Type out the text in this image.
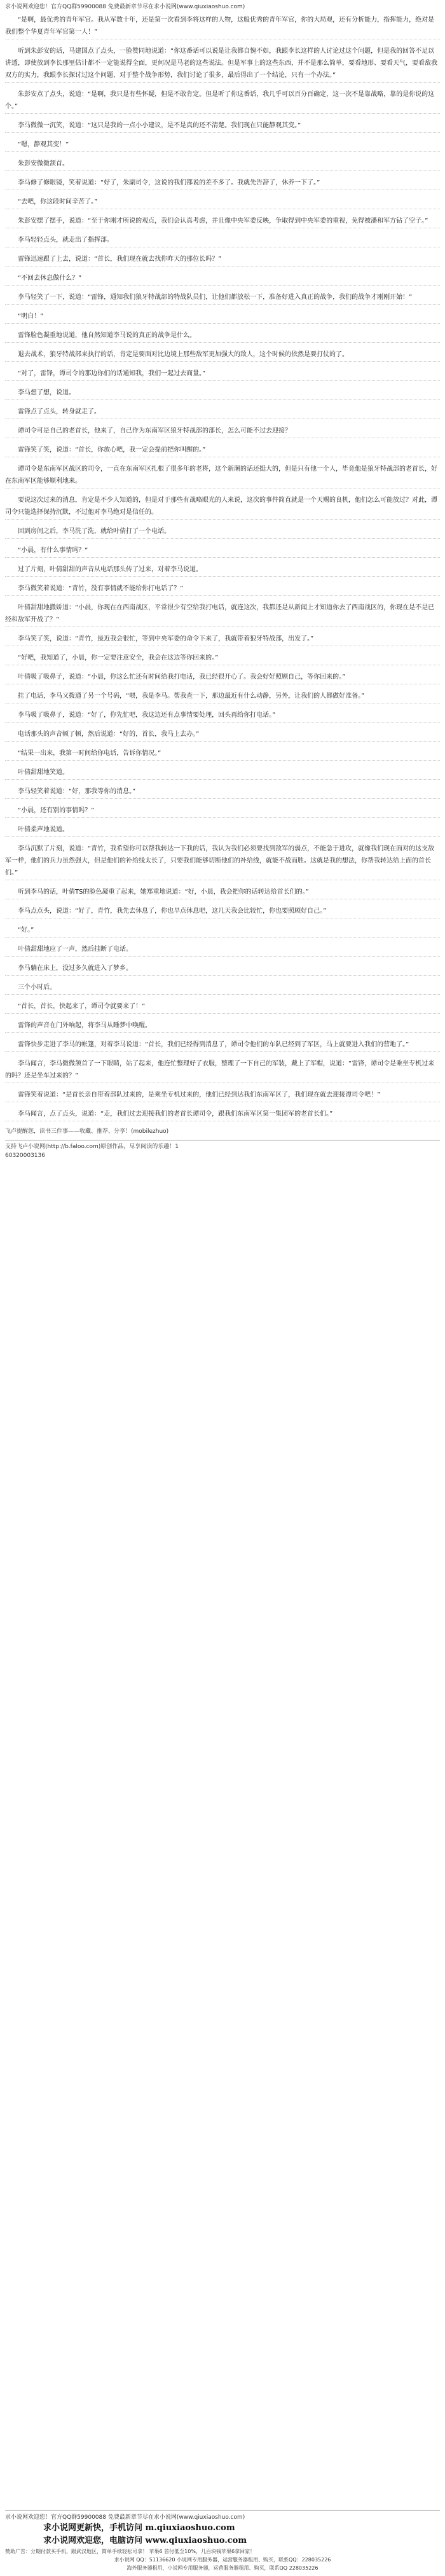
求小说网欢迎您！官方QQ群59900088 免费最新章节尽在求小说网(www.qiuxiaoshuo.com)

“是啊，最优秀的青年军官。我从军数十年，还是第一次看到李将这样的人物，这般优秀的青年军官，你的大局观，还有分析能力，指挥能力，绝对是我们整个华夏青年军官第一人！”

听到朱彭安的话，马建国点了点头，一脸赞同地说道：“你这番话可以说是让我都自愧不如，我跟李长这样的人讨论过这个问题，但是我的回答不足以讲透，即使放到李长那里估计都不一定能说得全面，更何况是马老的这些说法。但是军事上的这些东西，并不是那么简单，要看地形、要看天气，要看敌我双方的实力，我跟李长探讨过这个问题，对于整个战争形势，我们讨论了很多，最后得出了一个结论，只有一个办法。”

朱彭安点了点头，说道：“是啊，我只是有些怀疑，但是不敢肯定。但是听了你这番话，我几乎可以百分百确定，这一次不是靠战略，靠的是你说的这个。”

李马微微一沉笑，说道：“这只是我的一点小小建议，是不是真的还不清楚。我们现在只能静观其变。”

“嗯，静观其变！”

朱彭安微微颔首。

李马修了修眼镜，笑着说道：“好了，朱副司令，这说的我们都说的差不多了。我就先告辞了，休养一下了。”

“去吧，你这段时间辛苦了。”

朱彭安摆了摆手，说道：“至于你刚才所说的观点，我们会认真考虑，并且像中央军委反映，争取得到中央军委的重视，免得被潘和军方钻了空子。”

李马轻轻点头，就走出了指挥部。

雷锋迅速跟了上去，说道：“首长，我们现在就去找你昨天的那位长吗？”

“不回去休息做什么？”

李马轻笑了一下，说道：“雷锋，通知我们狼牙特战部的特战队员们，让他们都放松一下，准备好进入真正的战争，我们的战争才刚刚开始！”

“明白！”

雷锋脸色凝重地说道，他自然知道李马说的真正的战争是什么。

退去战术，狼牙特战部来执行的话，肯定是要面对比边境上那些敌军更加强大的敌人，这个时候的依然是要打仗的了。

“对了，雷锋，谭司令的那边你们的话通知我，我们一起过去商量。”

李马想了想，说道。

雷锋点了点头，转身就走了。

谭司令可是自己的老首长，他来了，自己作为东南军区狼牙特战部的部长，怎么可能不过去迎接？

雷锋笑了笑，说道：“首长，你放心吧，我一定会提前把你叫醒的。”

谭司令是东南军区战区的司令，一直在东南军区扎根了很多年的老将，这个新潮的话还挺大的，但是只有他一个人，毕竟他是狼牙特战部的老首长，好在东南军区能够顺利地来。

要说这次过来的消息，肯定是不少人知道的，但是对于那些有战略眼光的人来说，这次的事件简直就是一个天赐的良机，他们怎么可能放过？对此，谭司令只能选择保持沉默，不过他对李马绝对是信任的。

回到房间之后，李马洗了洗，就给叶倩打了一个电话。

“小晨，有什么事情吗？”

过了片刻，叶倩甜甜的声音从电话那头传了过来，对着李马说道。

李马微笑着说道：“青竹，没有事情就不能给你打电话了？”

叶倩甜甜地撒娇道：“小晨，你现在在西南战区，平常很少有空给我打电话，就连这次，我都还是从新闻上才知道你去了西南战区的，你现在是不是已经和敌军开战了？”

李马笑了笑，说道：“青竹，最近我会很忙，等到中央军委的命令下来了，我就带着狼牙特战部，出发了。”

“好吧，我知道了，小晨，你一定要注意安全，我会在这边等你回来的。”

叶倩吸了吸鼻子，说道：“小晨，你这么忙还有时间给我打电话，我已经很开心了。我会好好照顾自己，等你回来的。”

挂了电话，李马又拨通了另一个号码，“喂，我是李马。帮我查一下，那边最近有什么动静，另外，让我们的人都做好准备。”

李马吸了吸鼻子，说道：“好了，你先忙吧，我这边还有点事情要处理，回头再给你打电话。”

电话那头的声音顿了顿，然后说道：“好的，首长，我马上去办。”

“结果一出来，我第一时间给你电话，告诉你情况。”

叶倩甜甜地笑道。

李马轻笑着说道：“好，那我等你的消息。”

“小晨，还有别的事情吗？”

叶倩柔声地说道。

李马沉默了片刻，说道：“青竹，我希望你可以帮我转达一下我的话，我认为我们必须要找到敌军的弱点，不能急于进攻，就像我们现在面对的这支敌军一样，他们的兵力虽然强大，但是他们的补给线太长了，只要我们能够切断他们的补给线，就能不战而胜。这就是我的想法，你帮我转达给上面的首长们。”

听到李马的话，叶倩TS的脸色凝重了起来，她郑重地说道：“好，小晨，我会把你的话转达给首长们的。”

李马点点头，说道：“好了，青竹，我先去休息了，你也早点休息吧，这几天我会比较忙，你也要照顾好自己。”

“好。”

叶倩甜甜地应了一声，然后挂断了电话。

李马躺在床上，没过多久就进入了梦乡。

三个小时后。

“首长，首长，快起来了，谭司令就要来了！”

雷锋的声音在门外响起，将李马从睡梦中唤醒。

雷锋快步走进了李马的帐篷，对着李马说道：“首长，我们已经得到消息了，谭司令他们的车队已经到了军区，马上就要进入我们的营地了。”

李马闻言，李马微微颔首了一下眼睛，站了起来，他连忙整理好了衣服，整理了一下自己的军装，戴上了军帽，说道：“雷锋，谭司令是乘坐专机过来的吗？还是坐车过来的？”

雷锋笑着说道：“是首长亲自带着部队过来的，是乘坐专机过来的，他们已经到达我们东南军区了，我们现在就去迎接谭司令吧！”

李马闻言，点了点头，说道：“走，我们过去迎接我们的老首长谭司令，跟我们东南军区第一集团军的老首长们。”

飞卢提醒您，读书三件事——收藏、推荐、分享！(mobilezhuo)
支持飞卢小说网(http://b.faloo.com)原创作品，尽享阅读的乐趣！1
60320003136
求小说网欢迎您！官方QQ群59900088 免费最新章节尽在求小说网(www.qiuxiaoshuo.com)
求小说网更新快，手机访问 m.qiuxiaoshuo.com
求小说网欢迎您，电脑访问 www.qiuxiaoshuo.com
赞助广告：分期付款买手机，跟武汉地区，简单手续轻松可拿！ 苹果6 首付低至10%，几百块钱苹果6拿回家！
求小说网 QQ：51136620 小说网专用服务器，运营服务器租用、购买，联系QQ：228035226
海外服务器租用，小说网专用服务器，运营服务器租用、购买，联系QQ 228035226
